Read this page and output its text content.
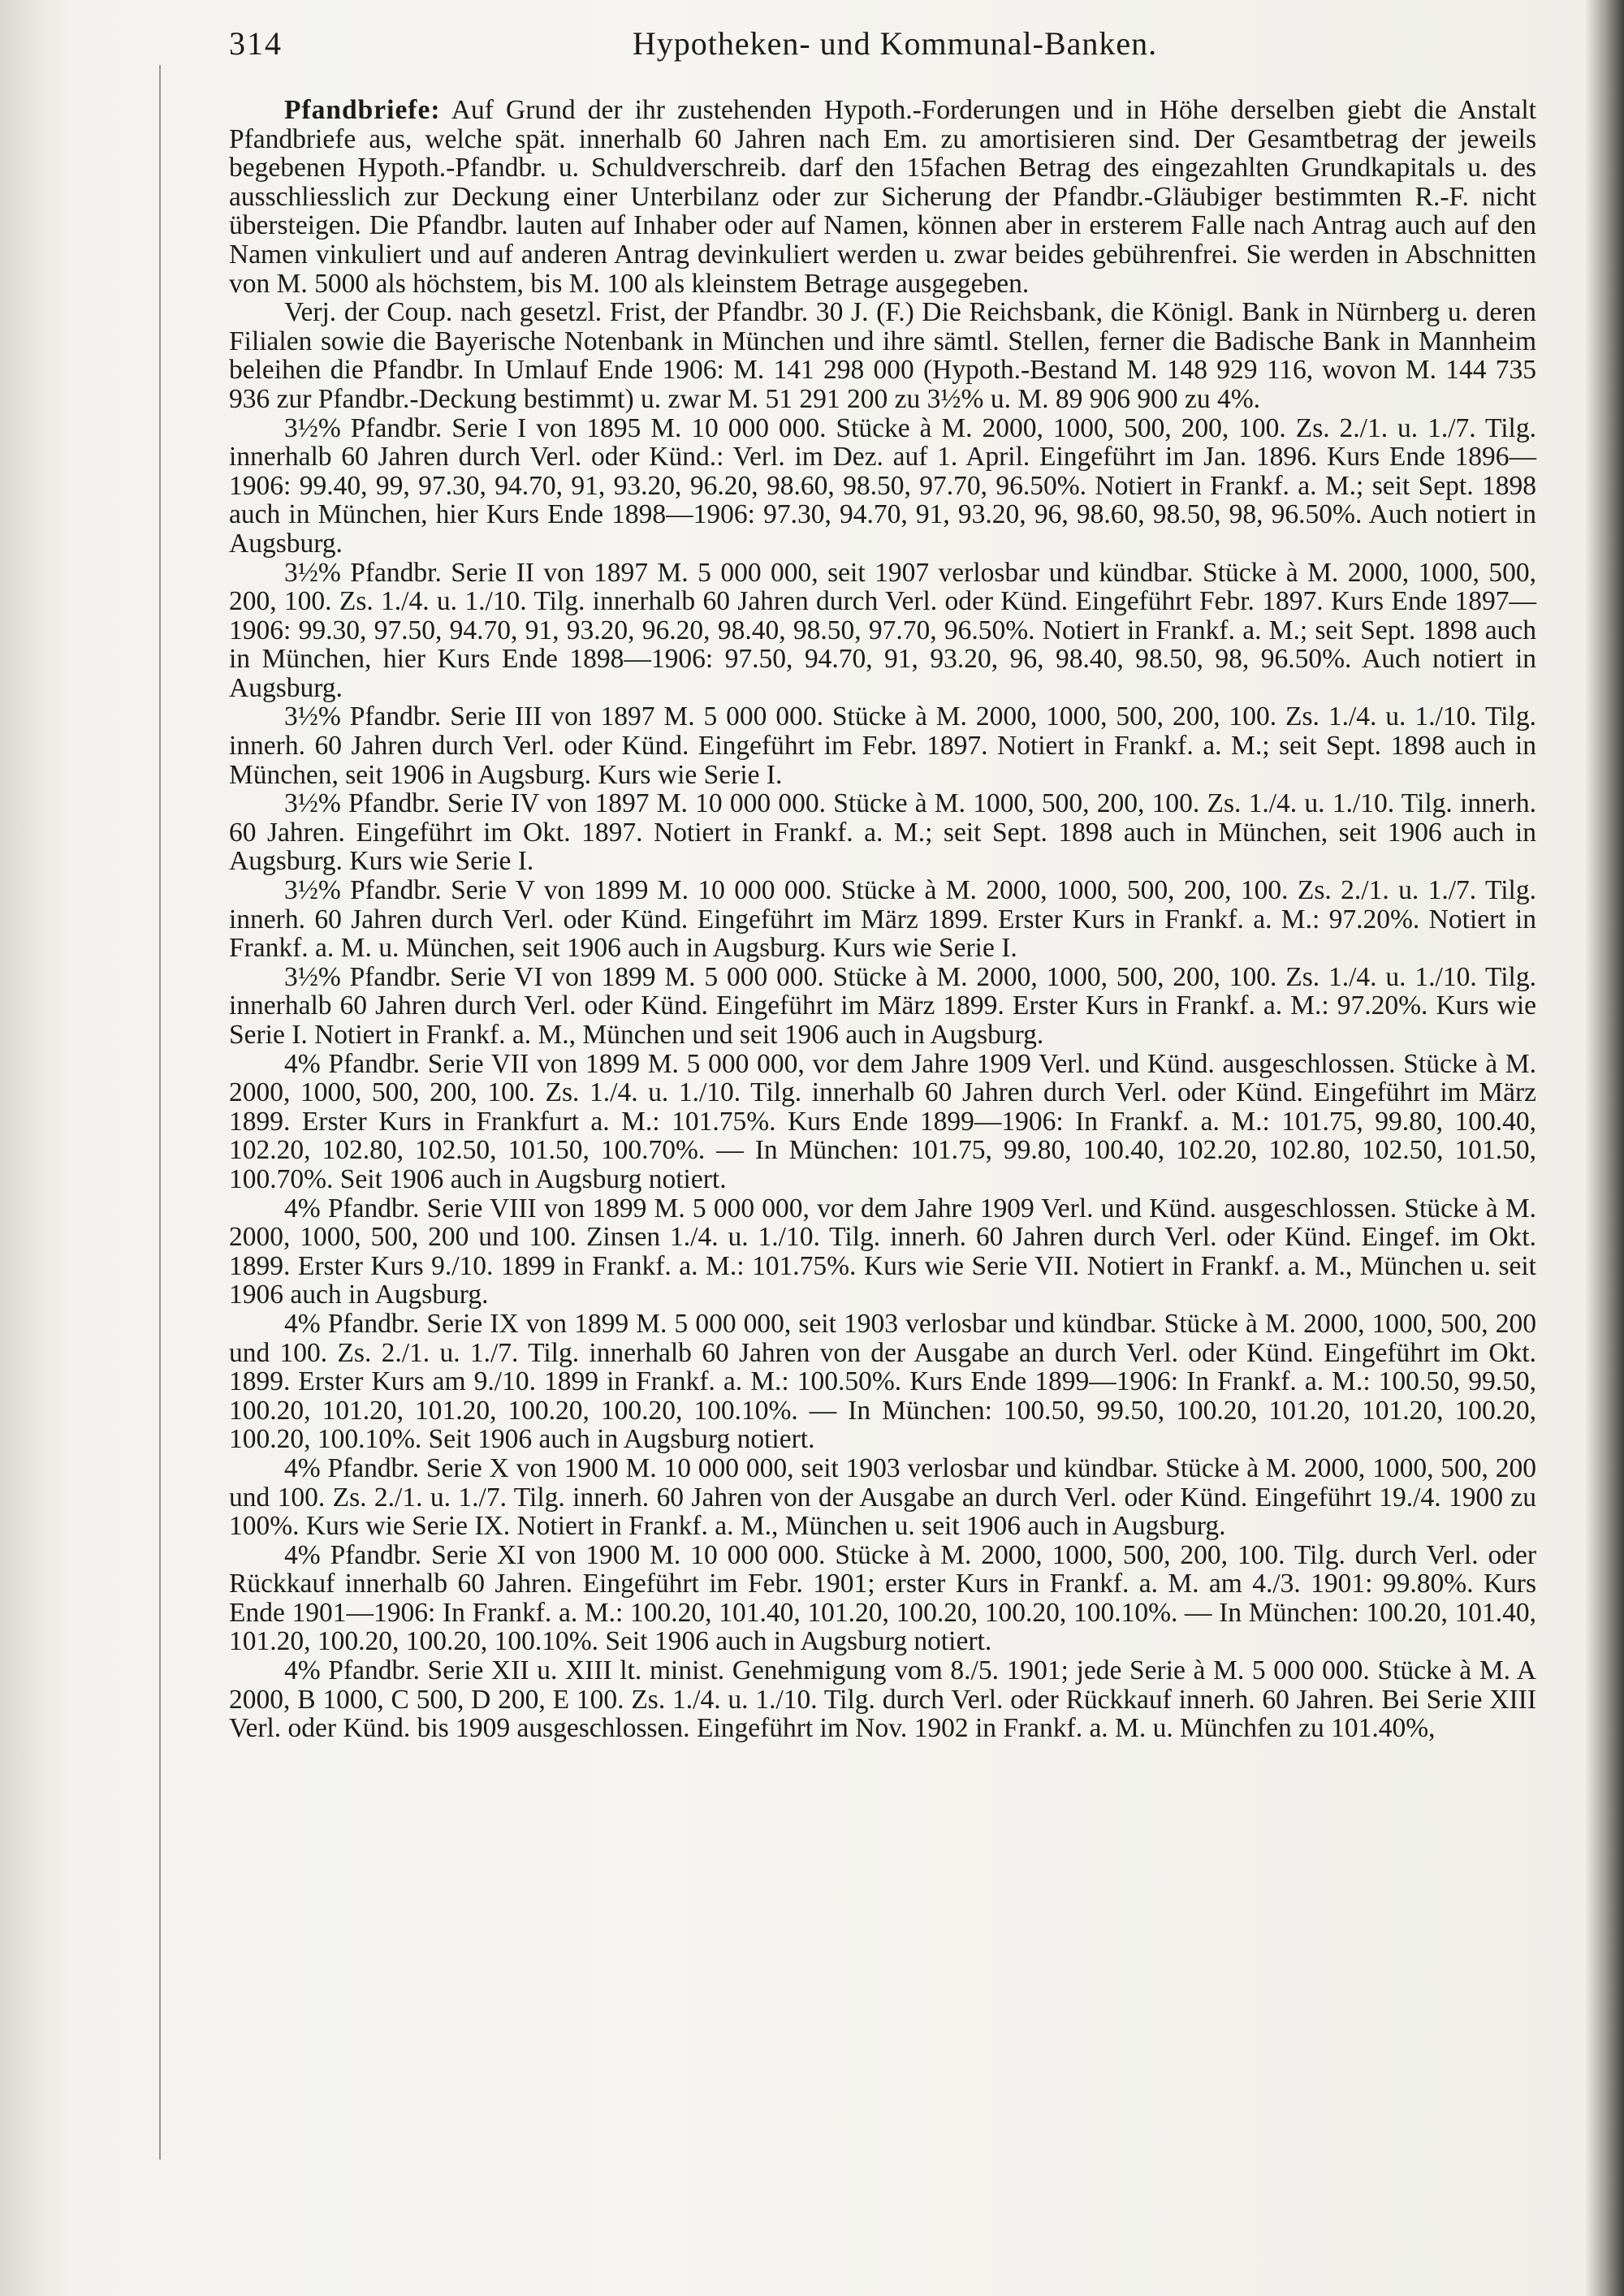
314	Hypotheken- und Kommunal-Banken.

Pfandbriefe: Auf Grund der ihr zustehenden Hypoth.-Forderungen und in Höhe derselben giebt die Anstalt Pfandbriefe aus, welche spät. innerhalb 60 Jahren nach Em. zu amortisieren sind. Der Gesamtbetrag der jeweils begebenen Hypoth.-Pfandbr. u. Schuldverschreib. darf den 15fachen Betrag des eingezahlten Grundkapitals u. des ausschliesslich zur Deckung einer Unterbilanz oder zur Sicherung der Pfandbr.-Gläubiger bestimmten R.-F. nicht übersteigen. Die Pfandbr. lauten auf Inhaber oder auf Namen, können aber in ersterem Falle nach Antrag auch auf den Namen vinkuliert und auf anderen Antrag devinkuliert werden u. zwar beides gebührenfrei. Sie werden in Abschnitten von M. 5000 als höchstem, bis M. 100 als kleinstem Betrage ausgegeben.

Verj. der Coup. nach gesetzl. Frist, der Pfandbr. 30 J. (F.) Die Reichsbank, die Königl. Bank in Nürnberg u. deren Filialen sowie die Bayerische Notenbank in München und ihre sämtl. Stellen, ferner die Badische Bank in Mannheim beleihen die Pfandbr. In Umlauf Ende 1906: M. 141 298 000 (Hypoth.-Bestand M. 148 929 116, wovon M. 144 735 936 zur Pfandbr.-Deckung bestimmt) u. zwar M. 51 291 200 zu 3½% u. M. 89 906 900 zu 4%.

3½% Pfandbr. Serie I von 1895 M. 10 000 000. Stücke à M. 2000, 1000, 500, 200, 100. Zs. 2./1. u. 1./7. Tilg. innerhalb 60 Jahren durch Verl. oder Künd.: Verl. im Dez. auf 1. April. Eingeführt im Jan. 1896. Kurs Ende 1896—1906: 99.40, 99, 97.30, 94.70, 91, 93.20, 96.20, 98.60, 98.50, 97.70, 96.50%. Notiert in Frankf. a. M.; seit Sept. 1898 auch in München, hier Kurs Ende 1898—1906: 97.30, 94.70, 91, 93.20, 96, 98.60, 98.50, 98, 96.50%. Auch notiert in Augsburg.

3½% Pfandbr. Serie II von 1897 M. 5 000 000, seit 1907 verlosbar und kündbar. Stücke à M. 2000, 1000, 500, 200, 100. Zs. 1./4. u. 1./10. Tilg. innerhalb 60 Jahren durch Verl. oder Künd. Eingeführt Febr. 1897. Kurs Ende 1897—1906: 99.30, 97.50, 94.70, 91, 93.20, 96.20, 98.40, 98.50, 97.70, 96.50%. Notiert in Frankf. a. M.; seit Sept. 1898 auch in München, hier Kurs Ende 1898—1906: 97.50, 94.70, 91, 93.20, 96, 98.40, 98.50, 98, 96.50%. Auch notiert in Augsburg.

3½% Pfandbr. Serie III von 1897 M. 5 000 000. Stücke à M. 2000, 1000, 500, 200, 100. Zs. 1./4. u. 1./10. Tilg. innerh. 60 Jahren durch Verl. oder Künd. Eingeführt im Febr. 1897. Notiert in Frankf. a. M.; seit Sept. 1898 auch in München, seit 1906 in Augsburg. Kurs wie Serie I.

3½% Pfandbr. Serie IV von 1897 M. 10 000 000. Stücke à M. 1000, 500, 200, 100. Zs. 1./4. u. 1./10. Tilg. innerh. 60 Jahren. Eingeführt im Okt. 1897. Notiert in Frankf. a. M.; seit Sept. 1898 auch in München, seit 1906 auch in Augsburg. Kurs wie Serie I.

3½% Pfandbr. Serie V von 1899 M. 10 000 000. Stücke à M. 2000, 1000, 500, 200, 100. Zs. 2./1. u. 1./7. Tilg. innerh. 60 Jahren durch Verl. oder Künd. Eingeführt im März 1899. Erster Kurs in Frankf. a. M.: 97.20%. Notiert in Frankf. a. M. u. München, seit 1906 auch in Augsburg. Kurs wie Serie I.

3½% Pfandbr. Serie VI von 1899 M. 5 000 000. Stücke à M. 2000, 1000, 500, 200, 100. Zs. 1./4. u. 1./10. Tilg. innerhalb 60 Jahren durch Verl. oder Künd. Eingeführt im März 1899. Erster Kurs in Frankf. a. M.: 97.20%. Kurs wie Serie I. Notiert in Frankf. a. M., München und seit 1906 auch in Augsburg.

4% Pfandbr. Serie VII von 1899 M. 5 000 000, vor dem Jahre 1909 Verl. und Künd. ausgeschlossen. Stücke à M. 2000, 1000, 500, 200, 100. Zs. 1./4. u. 1./10. Tilg. innerhalb 60 Jahren durch Verl. oder Künd. Eingeführt im März 1899. Erster Kurs in Frankfurt a. M.: 101.75%. Kurs Ende 1899—1906: In Frankf. a. M.: 101.75, 99.80, 100.40, 102.20, 102.80, 102.50, 101.50, 100.70%. — In München: 101.75, 99.80, 100.40, 102.20, 102.80, 102.50, 101.50, 100.70%. Seit 1906 auch in Augsburg notiert.

4% Pfandbr. Serie VIII von 1899 M. 5 000 000, vor dem Jahre 1909 Verl. und Künd. ausgeschlossen. Stücke à M. 2000, 1000, 500, 200 und 100. Zinsen 1./4. u. 1./10. Tilg. innerh. 60 Jahren durch Verl. oder Künd. Eingef. im Okt. 1899. Erster Kurs 9./10. 1899 in Frankf. a. M.: 101.75%. Kurs wie Serie VII. Notiert in Frankf. a. M., München u. seit 1906 auch in Augsburg.

4% Pfandbr. Serie IX von 1899 M. 5 000 000, seit 1903 verlosbar und kündbar. Stücke à M. 2000, 1000, 500, 200 und 100. Zs. 2./1. u. 1./7. Tilg. innerhalb 60 Jahren von der Ausgabe an durch Verl. oder Künd. Eingeführt im Okt. 1899. Erster Kurs am 9./10. 1899 in Frankf. a. M.: 100.50%. Kurs Ende 1899—1906: In Frankf. a. M.: 100.50, 99.50, 100.20, 101.20, 101.20, 100.20, 100.20, 100.10%. — In München: 100.50, 99.50, 100.20, 101.20, 101.20, 100.20, 100.20, 100.10%. Seit 1906 auch in Augsburg notiert.

4% Pfandbr. Serie X von 1900 M. 10 000 000, seit 1903 verlosbar und kündbar. Stücke à M. 2000, 1000, 500, 200 und 100. Zs. 2./1. u. 1./7. Tilg. innerh. 60 Jahren von der Ausgabe an durch Verl. oder Künd. Eingeführt 19./4. 1900 zu 100%. Kurs wie Serie IX. Notiert in Frankf. a. M., München u. seit 1906 auch in Augsburg.

4% Pfandbr. Serie XI von 1900 M. 10 000 000. Stücke à M. 2000, 1000, 500, 200, 100. Tilg. durch Verl. oder Rückkauf innerhalb 60 Jahren. Eingeführt im Febr. 1901; erster Kurs in Frankf. a. M. am 4./3. 1901: 99.80%. Kurs Ende 1901—1906: In Frankf. a. M.: 100.20, 101.40, 101.20, 100.20, 100.20, 100.10%. — In München: 100.20, 101.40, 101.20, 100.20, 100.20, 100.10%. Seit 1906 auch in Augsburg notiert.

4% Pfandbr. Serie XII u. XIII lt. minist. Genehmigung vom 8./5. 1901; jede Serie à M. 5 000 000. Stücke à M. A 2000, B 1000, C 500, D 200, E 100. Zs. 1./4. u. 1./10. Tilg. durch Verl. oder Rückkauf innerh. 60 Jahren. Bei Serie XIII Verl. oder Künd. bis 1909 ausgeschlossen. Eingeführt im Nov. 1902 in Frankf. a. M. u. Münchfen zu 101.40%,
